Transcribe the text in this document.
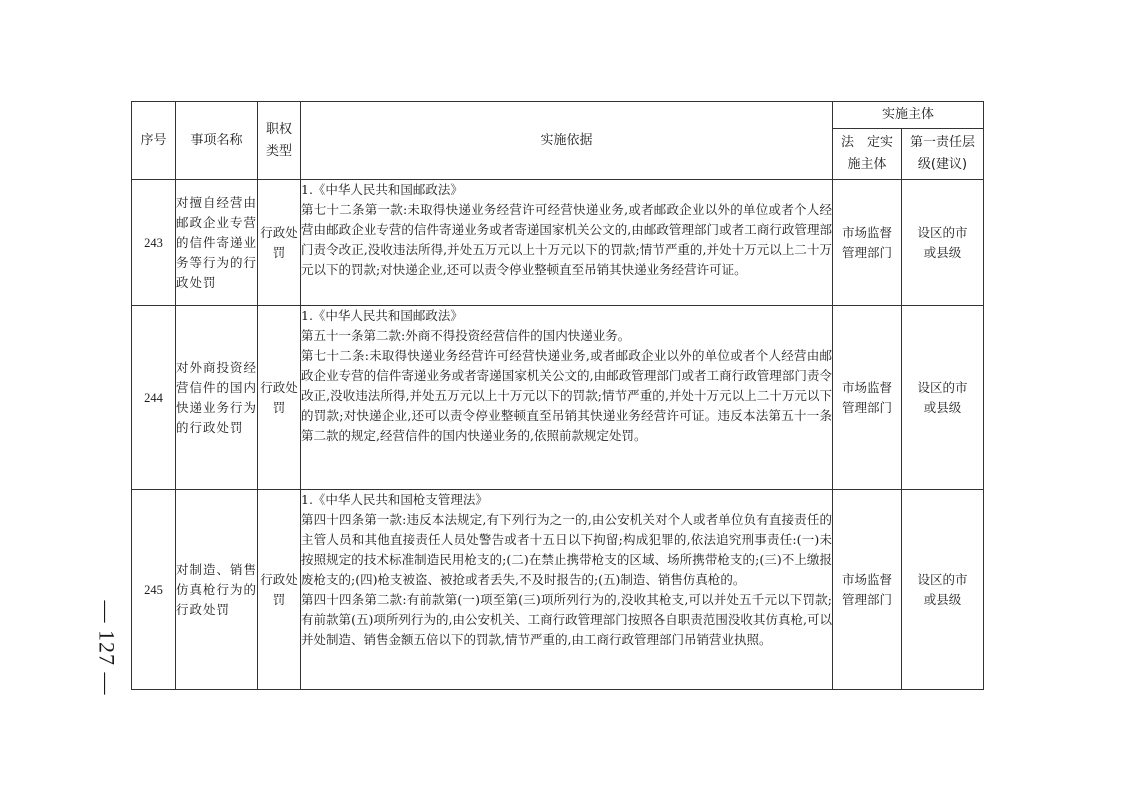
— 127 —
序号	事项名称	职权类型	实施依据	实施主体	

				法　定实施主体	第一责任层级(建议)

243	对擅自经营由邮政企业专营的信件寄递业务等行为的行政处罚	行政处罚	1.《中华人民共和国邮政法》

第七十二条第一款:未取得快递业务经营许可经营快递业务,或者邮政企业以外的单位或者个人经营由邮政企业专营的信件寄递业务或者寄递国家机关公文的,由邮政管理部门或者工商行政管理部门责令改正,没收违法所得,并处五万元以上十万元以下的罚款;情节严重的,并处十万元以上二十万元以下的罚款;对快递企业,还可以责令停业整顿直至吊销其快递业务经营许可证。	市场监督管理部门	设区的市或县级

244	对外商投资经营信件的国内快递业务行为的行政处罚	行政处罚	1.《中华人民共和国邮政法》

第五十一条第二款:外商不得投资经营信件的国内快递业务。

第七十二条:未取得快递业务经营许可经营快递业务,或者邮政企业以外的单位或者个人经营由邮政企业专营的信件寄递业务或者寄递国家机关公文的,由邮政管理部门或者工商行政管理部门责令改正,没收违法所得,并处五万元以上十万元以下的罚款;情节严重的,并处十万元以上二十万元以下的罚款;对快递企业,还可以责令停业整顿直至吊销其快递业务经营许可证。违反本法第五十一条第二款的规定,经营信件的国内快递业务的,依照前款规定处罚。	市场监督管理部门	设区的市或县级

245	对制造、销售仿真枪行为的行政处罚	行政处罚	1.《中华人民共和国枪支管理法》

第四十四条第一款:违反本法规定,有下列行为之一的,由公安机关对个人或者单位负有直接责任的主管人员和其他直接责任人员处警告或者十五日以下拘留;构成犯罪的,依法追究刑事责任:(一)未按照规定的技术标准制造民用枪支的;(二)在禁止携带枪支的区域、场所携带枪支的;(三)不上缴报废枪支的;(四)枪支被盗、被抢或者丢失,不及时报告的;(五)制造、销售仿真枪的。

第四十四条第二款:有前款第(一)项至第(三)项所列行为的,没收其枪支,可以并处五千元以下罚款;有前款第(五)项所列行为的,由公安机关、工商行政管理部门按照各自职责范围没收其仿真枪,可以并处制造、销售金额五倍以下的罚款,情节严重的,由工商行政管理部门吊销营业执照。	市场监督管理部门	设区的市或县级
